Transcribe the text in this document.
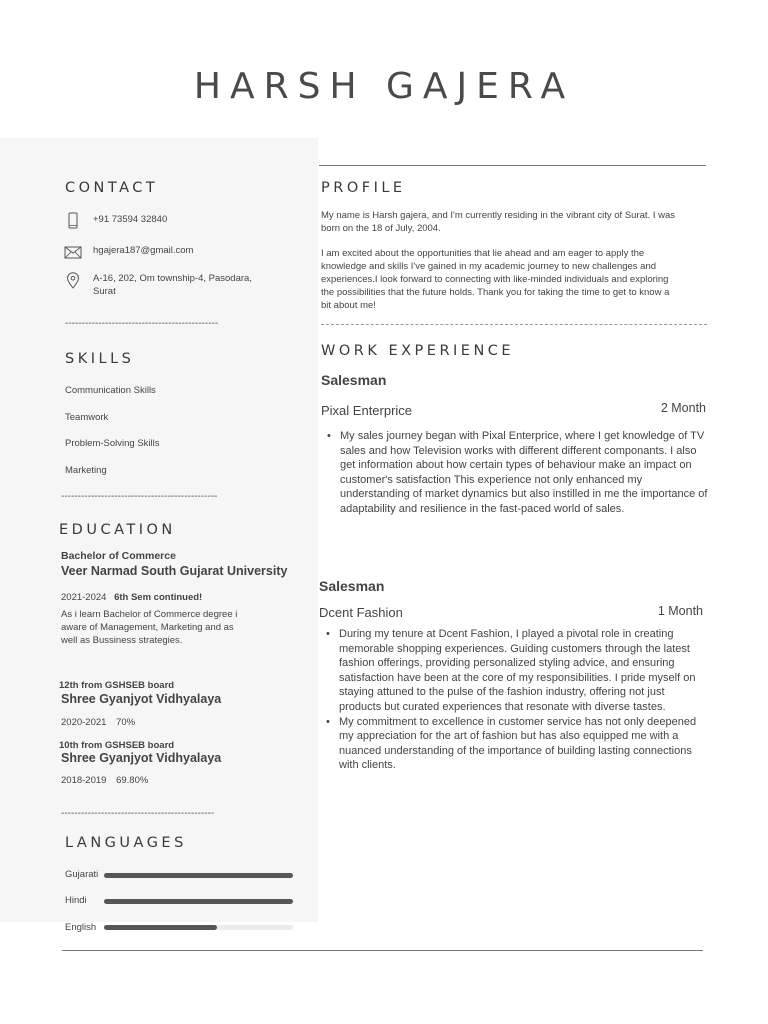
HARSH GAJERA
CONTACT
+91 73594 32840
hgajera187@gmail.com
A-16, 202, Om township-4, Pasodara,
Surat
----------------------------------------------
SKILLS
Communication Skills
Teamwork
Problem-Solving Skills
Marketing
-----------------------------------------------
EDUCATION
Bachelor of Commerce
Veer Narmad South Gujarat University
2021-2024 6th Sem continued!
As i learn Bachelor of Commerce degree i
aware of Management, Marketing and as
well as Bussiness strategies.
12th from GSHSEB board
Shree Gyanjyot Vidhyalaya
2020-2021 70%
10th from GSHSEB board
Shree Gyanjyot Vidhyalaya
2018-2019 69.80%
----------------------------------------------
LANGUAGES
Gujarati
Hindi
English
PROFILE
My name is Harsh gajera, and I'm currently residing in the vibrant city of Surat. I was
born on the 18 of July, 2004.
I am excited about the opportunities that lie ahead and am eager to apply the
knowledge and skills I've gained in my academic journey to new challenges and
experiences.I look forward to connecting with like-minded individuals and exploring
the possibilities that the future holds. Thank you for taking the time to get to know a
bit about me!
WORK EXPERIENCE
Salesman
Pixal Enterprice	2 Month
• My sales journey began with Pixal Enterprice, where I get knowledge of TV sales and how Television works with different different componants. I also get information about how certain types of behaviour make an impact on customer's satisfaction This experience not only enhanced my understanding of market dynamics but also instilled in me the importance of adaptability and resilience in the fast-paced world of sales.
Salesman
Dcent Fashion	1 Month
• During my tenure at Dcent Fashion, I played a pivotal role in creating memorable shopping experiences. Guiding customers through the latest fashion offerings, providing personalized styling advice, and ensuring satisfaction have been at the core of my responsibilities. I pride myself on staying attuned to the pulse of the fashion industry, offering not just products but curated experiences that resonate with diverse tastes.
• My commitment to excellence in customer service has not only deepened my appreciation for the art of fashion but has also equipped me with a nuanced understanding of the importance of building lasting connections with clients.
